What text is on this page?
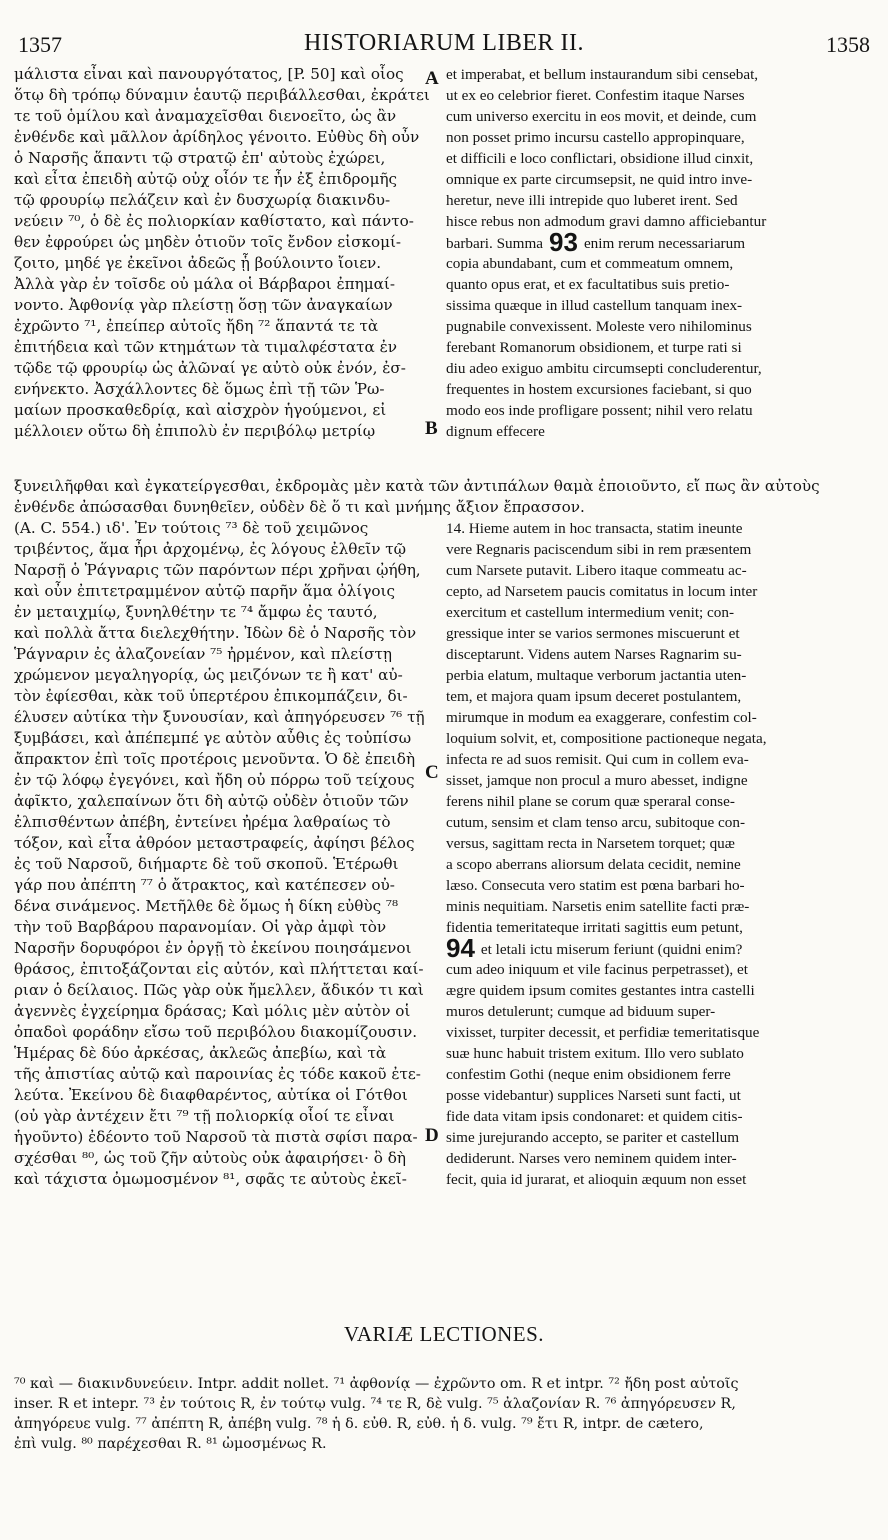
1357	HISTORIARUM LIBER II.	1358
μάλιστα εἶναι καὶ πανουργότατος, [P. 50] καὶ οἷος
ὅτῳ δὴ τρόπῳ δύναμιν ἑαυτῷ περιβάλλεσθαι, ἐκράτει
τε τοῦ ὁμίλου καὶ ἀναμαχεῖσθαι διενοεῖτο, ὡς ἂν
ἐνθένδε καὶ μᾶλλον ἀρίδηλος γένοιτο. Εὐθὺς δὴ οὖν
ὁ Ναρσῆς ἅπαντι τῷ στρατῷ ἐπ' αὐτοὺς ἐχώρει,
καὶ εἶτα ἐπειδὴ αὐτῷ οὐχ οἷόν τε ἦν ἐξ ἐπιδρομῆς
τῷ φρουρίῳ πελάζειν καὶ ἐν δυσχωρίᾳ διακινδυ-
νεύειν ⁷⁰, ὁ δὲ ἐς πολιορκίαν καθίστατο, καὶ πάντο-
θεν ἐφρούρει ὡς μηδὲν ὁτιοῦν τοῖς ἔνδον εἰσκομί-
ζοιτο, μηδέ γε ἐκεῖνοι ἀδεῶς ᾗ βούλοιντο ἴοιεν.
Ἀλλὰ γὰρ ἐν τοῖσδε οὐ μάλα οἱ Βάρβαροι ἐπημαί-
νοντο. Ἀφθονίᾳ γὰρ πλείστῃ ὅσῃ τῶν ἀναγκαίων
ἐχρῶντο ⁷¹, ἐπείπερ αὐτοῖς ἤδη ⁷² ἅπαντά τε τὰ
ἐπιτήδεια καὶ τῶν κτημάτων τὰ τιμαλφέστατα ἐν
τῷδε τῷ φρουρίῳ ὡς ἀλῶναί γε αὐτὸ οὐκ ἐνόν, ἐσ-
ενήνεκτο. Ἀσχάλλοντες δὲ ὅμως ἐπὶ τῇ τῶν Ῥω-
μαίων προσκαθεδρίᾳ, καὶ αἰσχρὸν ἡγούμενοι, εἰ
μέλλοιεν οὕτω δὴ ἐπιπολὺ ἐν περιβόλῳ μετρίῳ
et imperabat, et bellum instaurandum sibi censebat,
ut ex eo celebrior fieret. Confestim itaque Narses
cum universo exercitu in eos movit, et deinde, cum
non posset primo incursu castello appropinquare,
et difficili e loco conflictari, obsidione illud cinxit,
omnique ex parte circumsepsit, ne quid intro inve-
heretur, neve illi intrepide quo luberet irent. Sed
hisce rebus non admodum gravi damno afficiebantur
barbari. Summa 93 enim rerum necessariarum
copia abundabant, cum et commeatum omnem,
quanto opus erat, et ex facultatibus suis pretio-
sissima quæque in illud castellum tanquam inex-
pugnabile convexissent. Moleste vero nihilominus
ferebant Romanorum obsidionem, et turpe rati si
diu adeo exiguo ambitu circumsepti concluderentur,
frequentes in hostem excursiones faciebant, si quo
modo eos inde profligare possent; nihil vero relatu
dignum effecere
ξυνειλῆφθαι καὶ ἐγκατείργεσθαι, ἐκδρομὰς μὲν κατὰ τῶν ἀντιπάλων θαμὰ ἐποιοῦντο, εἴ πως ἂν αὐτοὺς
ἐνθένδε ἀπώσασθαι δυνηθεῖεν, οὐδὲν δὲ ὅ τι καὶ μνήμης ἄξιον ἔπρασσον.
(A. C. 554.) ιδ'. Ἐν τούτοις ⁷³ δὲ τοῦ χειμῶνος
τριβέντος, ἅμα ἦρι ἀρχομένῳ, ἐς λόγους ἐλθεῖν τῷ
Ναρσῇ ὁ Ῥάγναρις τῶν παρόντων πέρι χρῆναι ᾠήθη,
καὶ οὖν ἐπιτετραμμένον αὐτῷ παρῆν ἅμα ὀλίγοις
ἐν μεταιχμίῳ, ξυνηλθέτην τε ⁷⁴ ἄμφω ἐς ταυτό,
καὶ πολλὰ ἄττα διελεχθήτην. Ἰδὼν δὲ ὁ Ναρσῆς τὸν
Ῥάγναριν ἐς ἀλαζονείαν ⁷⁵ ἠρμένον, καὶ πλείστῃ
χρώμενον μεγαληγορίᾳ, ὡς μειζόνων τε ἢ κατ' αὐ-
τὸν ἐφίεσθαι, κὰκ τοῦ ὑπερτέρου ἐπικομπάζειν, δι-
έλυσεν αὐτίκα τὴν ξυνουσίαν, καὶ ἀπηγόρευσεν ⁷⁶ τῇ
ξυμβάσει, καὶ ἀπέπεμπέ γε αὐτὸν αὖθις ἐς τοὐπίσω
ἄπρακτον ἐπὶ τοῖς προτέροις μενοῦντα. Ὁ δὲ ἐπειδὴ
ἐν τῷ λόφῳ ἐγεγόνει, καὶ ἤδη οὐ πόρρω τοῦ τείχους
ἀφῖκτο, χαλεπαίνων ὅτι δὴ αὐτῷ οὐδὲν ὁτιοῦν τῶν
ἐλπισθέντων ἀπέβη, ἐντείνει ἠρέμα λαθραίως τὸ
τόξον, καὶ εἶτα ἀθρόον μεταστραφείς, ἀφίησι βέλος
ἐς τοῦ Ναρσοῦ, διήμαρτε δὲ τοῦ σκοποῦ. Ἑτέρωθι
γάρ που ἀπέπτη ⁷⁷ ὁ ἄτρακτος, καὶ κατέπεσεν οὐ-
δένα σινάμενος. Μετῆλθε δὲ ὅμως ἡ δίκη εὐθὺς ⁷⁸
τὴν τοῦ Βαρβάρου παρανομίαν. Οἱ γὰρ ἀμφὶ τὸν
Ναρσῆν δορυφόροι ἐν ὀργῇ τὸ ἐκείνου ποιησάμενοι
θράσος, ἐπιτοξάζονται εἰς αὐτόν, καὶ πλήττεται καί-
ριαν ὁ δείλαιος. Πῶς γὰρ οὐκ ἤμελλεν, ἄδικόν τι καὶ
ἀγεννὲς ἐγχείρημα δράσας; Καὶ μόλις μὲν αὐτὸν οἱ
ὀπαδοὶ φοράδην εἴσω τοῦ περιβόλου διακομίζουσιν.
Ἡμέρας δὲ δύο ἀρκέσας, ἀκλεῶς ἀπεβίω, καὶ τὰ
τῆς ἀπιστίας αὐτῷ καὶ παροινίας ἐς τόδε κακοῦ ἐτε-
λεύτα. Ἐκείνου δὲ διαφθαρέντος, αὐτίκα οἱ Γότθοι
(οὐ γὰρ ἀντέχειν ἔτι ⁷⁹ τῇ πολιορκίᾳ οἷοί τε εἶναι
ἡγοῦντο) ἐδέοντο τοῦ Ναρσοῦ τὰ πιστὰ σφίσι παρα-
σχέσθαι ⁸⁰, ὡς τοῦ ζῆν αὐτοὺς οὐκ ἀφαιρήσει· ὃ δὴ
καὶ τάχιστα ὀμωμοσμένον ⁸¹, σφᾶς τε αὐτοὺς ἐκεῖ-
14. Hieme autem in hoc transacta, statim ineunte
vere Regnaris paciscendum sibi in rem præsentem
cum Narsete putavit. Libero itaque commeatu ac-
cepto, ad Narsetem paucis comitatus in locum inter
exercitum et castellum intermedium venit; con-
gressique inter se varios sermones miscuerunt et
disceptarunt. Videns autem Narses Ragnarim su-
perbia elatum, multaque verborum jactantia uten-
tem, et majora quam ipsum deceret postulantem,
mirumque in modum ea exaggerare, confestim col-
loquium solvit, et, compositione pactioneque negata,
infecta re ad suos remisit. Qui cum in collem eva-
sisset, jamque non procul a muro abesset, indigne
ferens nihil plane se corum quæ speraral conse-
cutum, sensim et clam tenso arcu, subitoque con-
versus, sagittam recta in Narsetem torquet; quæ
a scopo aberrans aliorsum delata cecidit, nemine
læso. Consecuta vero statim est pœna barbari ho-
minis nequitiam. Narsetis enim satellite facti præ-
fidentia temeritateque irritati sagittis eum petunt,
94 et letali ictu miserum feriunt (quidni enim?
cum adeo iniquum et vile facinus perpetrasset), et
ægre quidem ipsum comites gestantes intra castelli
muros detulerunt; cumque ad biduum super-
vixisset, turpiter decessit, et perfidiæ temeritatisque
suæ hunc habuit tristem exitum. Illo vero sublato
confestim Gothi (neque enim obsidionem ferre
posse videbantur) supplices Narseti sunt facti, ut
fide data vitam ipsis condonaret: et quidem citis-
sime jurejurando accepto, se pariter et castellum
dediderunt. Narses vero neminem quidem inter-
fecit, quia id jurarat, et alioquin æquum non esset
A
B
C
D
VARIÆ LECTIONES.
⁷⁰ καὶ — διακινδυνεύειν. Intpr. addit nollet. ⁷¹ ἀφθονίᾳ — ἐχρῶντο om. R et intpr. ⁷² ἤδη post αὐτοῖς
inser. R et intepr. ⁷³ ἐν τούτοις R, ἐν τούτῳ vulg. ⁷⁴ τε R, δὲ vulg. ⁷⁵ ἀλαζονίαν R. ⁷⁶ ἀπηγόρευσεν R,
ἀπηγόρευε vulg. ⁷⁷ ἀπέπτη R, ἀπέβη vulg. ⁷⁸ ἡ δ. εὐθ. R, εὐθ. ἡ δ. vulg. ⁷⁹ ἔτι R, intpr. de cætero,
ἐπὶ vulg. ⁸⁰ παρέχεσθαι R. ⁸¹ ὠμοσμένως R.
